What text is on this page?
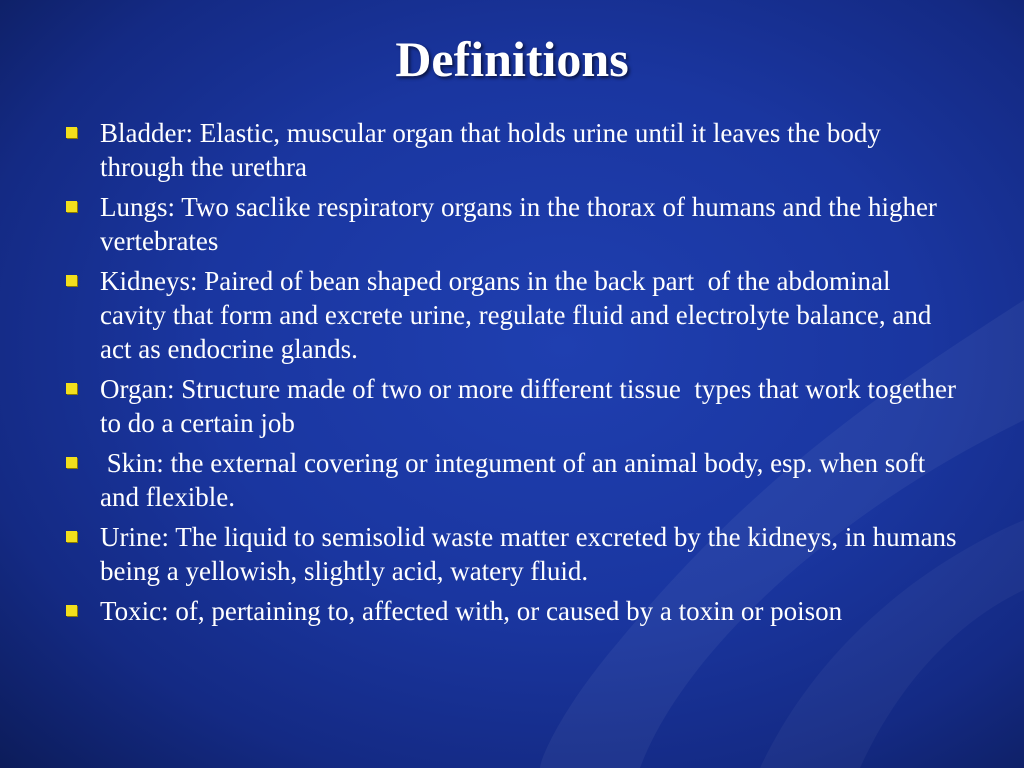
Definitions
Bladder: Elastic, muscular organ that holds urine until it leaves the body through the urethra
Lungs: Two saclike respiratory organs in the thorax of humans and the higher vertebrates
Kidneys: Paired of bean shaped organs in the back part  of the abdominal cavity that form and excrete urine, regulate fluid and electrolyte balance, and act as endocrine glands.
Organ: Structure made of two or more different tissue  types that work together to do a certain job
Skin: the external covering or integument of an animal body, esp. when soft and flexible.
Urine: The liquid to semisolid waste matter excreted by the kidneys, in humans being a yellowish, slightly acid, watery fluid.
Toxic: of, pertaining to, affected with, or caused by a toxin or poison
